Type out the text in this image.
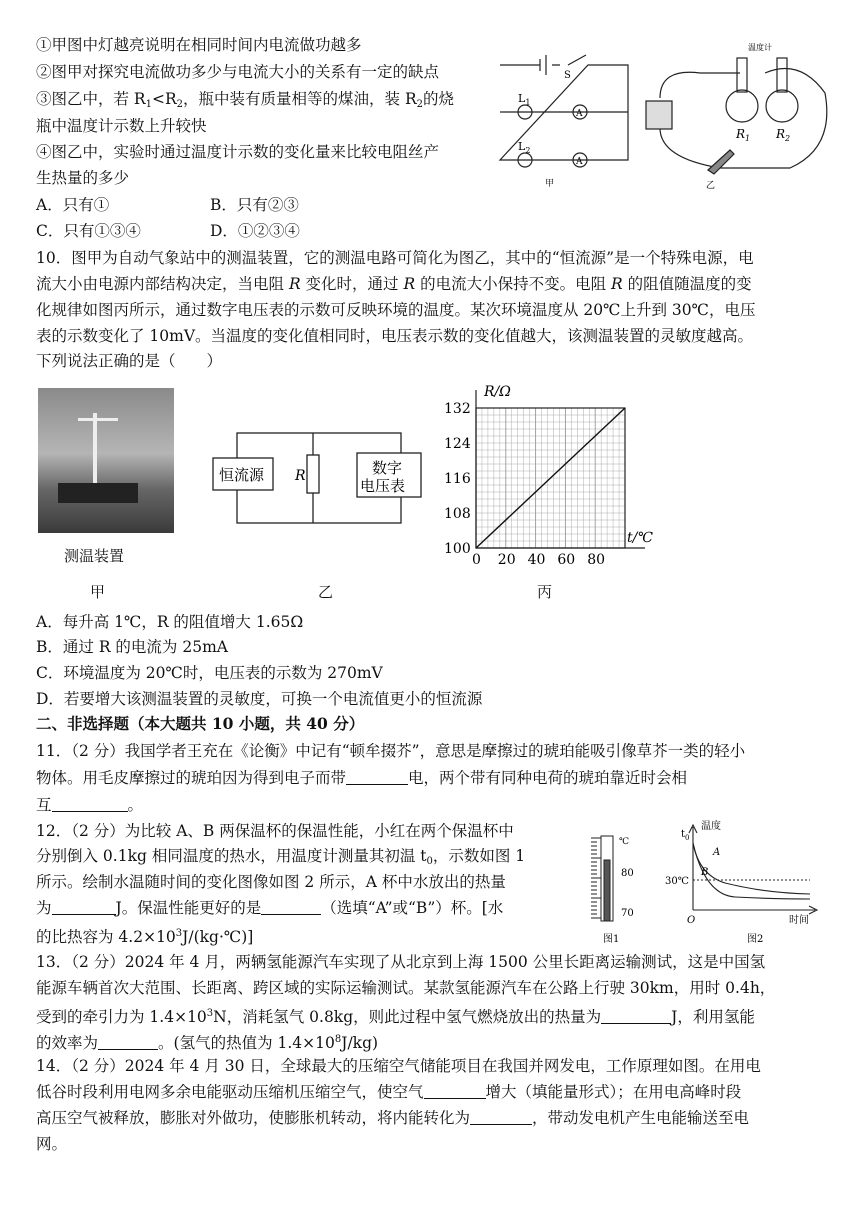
①甲图中灯越亮说明在相同时间内电流做功越多
②图甲对探究电流做功多少与电流大小的关系有一定的缺点
③图乙中，若 $R_1<R_2$，瓶中装有质量相等的煤油，装 $R_2$的烧
瓶中温度计示数上升较快
④图乙中，实验时通过温度计示数的变化量来比较电阻丝产
生热量的多少
A．只有①	B．只有②③
C．只有①③④	D．①②③④
S
$L_1$
$L_2$
A
A
甲
温度计
$R_1$ $R_2$
乙
10．图甲为自动气象站中的测温装置，它的测温电路可简化为图乙，其中的“恒流源”是一个特殊电源，电
流大小由电源内部结构决定，当电阻 R 变化时，通过 R 的电流大小保持不变。电阻 R 的阻值随温度的变
化规律如图丙所示，通过数字电压表的示数可反映环境的温度。某次环境温度从 20℃上升到 30℃，电压
表的示数变化了 10mV。当温度的变化值相同时，电压表示数的变化值越大，该测温装置的灵敏度越高。
下列说法正确的是（　　）
测温装置
甲
恒流源 R	数字
电压表
乙
0 20 40 60 80
100
108
116
124
132
R/Ω
t/℃
丙
A．每升高 1℃，R 的阻值增大 1.65Ω
B．通过 R 的电流为 25mA
C．环境温度为 20℃时，电压表的示数为 270mV
D．若要增大该测温装置的灵敏度，可换一个电流值更小的恒流源
二、非选择题（本大题共 10 小题，共 40 分）
11．（2 分）我国学者王充在《论衡》中记有“顿牟掇芥”，意思是摩擦过的琥珀能吸引像草芥一类的轻小
物体。用毛皮摩擦过的琥珀因为得到电子而带	电，两个带有同种电荷的琥珀靠近时会相
互	。
12．（2 分）为比较 A、B 两保温杯的保温性能，小红在两个保温杯中
分别倒入 0.1kg 相同温度的热水，用温度计测量其初温 $t_0$，示数如图 1
所示。绘制水温随时间的变化图像如图 2 所示，A 杯中水放出的热量
为	J。保温性能更好的是	（选填“A”或“B”）杯。[水
的比热容为 $4.2\times 10^3J/(kg\cdot℃)$]
℃
80
70
图1
$t_0$
温度
30℃
A
B
O	时间
图2
13．（2 分）2024 年 4 月，两辆氢能源汽车实现了从北京到上海 1500 公里长距离运输测试，这是中国氢
能源车辆首次大范围、长距离、跨区域的实际运输测试。某款氢能源汽车在公路上行驶 30km，用时 0.4h，
受到的牵引力为 $1.4\times 10^3N$，消耗氢气 0.8kg，则此过程中氢气燃烧放出的热量为	J，利用氢能
的效率为	。(氢气的热值为 $1.4\times 10^8J/kg$)
14．（2 分）2024 年 4 月 30 日，全球最大的压缩空气储能项目在我国并网发电，工作原理如图。在用电
低谷时段利用电网多余电能驱动压缩机压缩空气，使空气	增大（填能量形式）；在用电高峰时段
高压空气被释放，膨胀对外做功，使膨胀机转动，将内能转化为	，带动发电机产生电能输送至电
网。
